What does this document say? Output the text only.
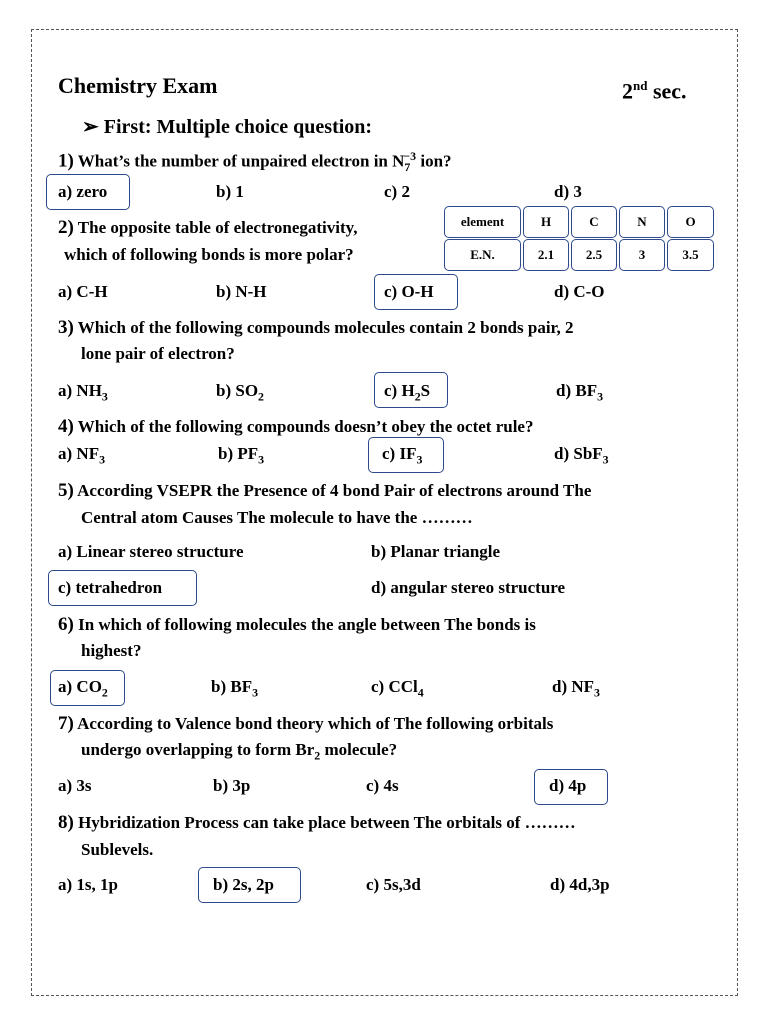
Chemistry Exam	2nd sec.
➢ First: Multiple choice question:
1) What’s the number of unpaired electron in $N_7^{-3}$ ion?
a) zero	b) 1	c) 2	d) 3
2) The opposite table of electronegativity,
which of following bonds is more polar?
element	H	C	N	O
E.N.	2.1	2.5	3	3.5
a) C-H	b) N-H	c) O-H	d) C-O
3) Which of the following compounds molecules contain 2 bonds pair, 2
lone pair of electron?
a) $NH_3$	b) $SO_2$	c) $H_2S$	d) $BF_3$
4) Which of the following compounds doesn’t obey the octet rule?
a) $NF_3$	b) $PF_3$	c) $IF_3$	d) SbF$_3$
5) According VSEPR the Presence of 4 bond Pair of electrons around The
Central atom Causes The molecule to have the ………
a) Linear stereo structure	b) Planar triangle
c) tetrahedron	d) angular stereo structure
6) In which of following molecules the angle between The bonds is
highest?
a) $CO_2$	b) $BF_3$	c) CCl$_4$	d) $NF_3$
7) According to Valence bond theory which of The following orbitals
undergo overlapping to form $Br_2$ molecule?
a) 3s	b) 3p	c) 4s	d) 4p
8) Hybridization Process can take place between The orbitals of ………
Sublevels.
a) 1s, 1p	b) 2s, 2p	c) 5s,3d	d) 4d,3p
